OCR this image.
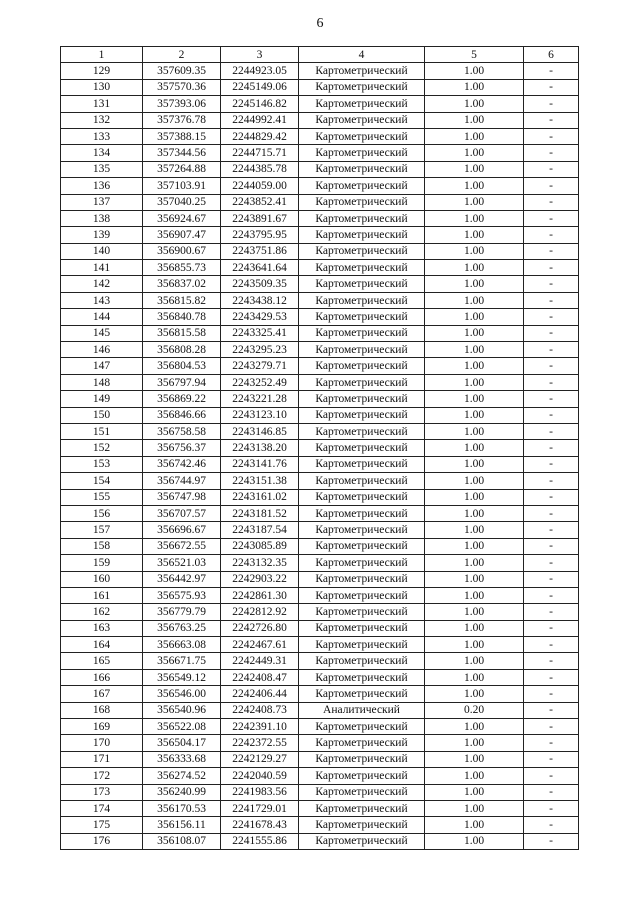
6
1	2	3	4	5	6
129	357609.35	2244923.05	Картометрический	1.00	-
130	357570.36	2245149.06	Картометрический	1.00	-
131	357393.06	2245146.82	Картометрический	1.00	-
132	357376.78	2244992.41	Картометрический	1.00	-
133	357388.15	2244829.42	Картометрический	1.00	-
134	357344.56	2244715.71	Картометрический	1.00	-
135	357264.88	2244385.78	Картометрический	1.00	-
136	357103.91	2244059.00	Картометрический	1.00	-
137	357040.25	2243852.41	Картометрический	1.00	-
138	356924.67	2243891.67	Картометрический	1.00	-
139	356907.47	2243795.95	Картометрический	1.00	-
140	356900.67	2243751.86	Картометрический	1.00	-
141	356855.73	2243641.64	Картометрический	1.00	-
142	356837.02	2243509.35	Картометрический	1.00	-
143	356815.82	2243438.12	Картометрический	1.00	-
144	356840.78	2243429.53	Картометрический	1.00	-
145	356815.58	2243325.41	Картометрический	1.00	-
146	356808.28	2243295.23	Картометрический	1.00	-
147	356804.53	2243279.71	Картометрический	1.00	-
148	356797.94	2243252.49	Картометрический	1.00	-
149	356869.22	2243221.28	Картометрический	1.00	-
150	356846.66	2243123.10	Картометрический	1.00	-
151	356758.58	2243146.85	Картометрический	1.00	-
152	356756.37	2243138.20	Картометрический	1.00	-
153	356742.46	2243141.76	Картометрический	1.00	-
154	356744.97	2243151.38	Картометрический	1.00	-
155	356747.98	2243161.02	Картометрический	1.00	-
156	356707.57	2243181.52	Картометрический	1.00	-
157	356696.67	2243187.54	Картометрический	1.00	-
158	356672.55	2243085.89	Картометрический	1.00	-
159	356521.03	2243132.35	Картометрический	1.00	-
160	356442.97	2242903.22	Картометрический	1.00	-
161	356575.93	2242861.30	Картометрический	1.00	-
162	356779.79	2242812.92	Картометрический	1.00	-
163	356763.25	2242726.80	Картометрический	1.00	-
164	356663.08	2242467.61	Картометрический	1.00	-
165	356671.75	2242449.31	Картометрический	1.00	-
166	356549.12	2242408.47	Картометрический	1.00	-
167	356546.00	2242406.44	Картометрический	1.00	-
168	356540.96	2242408.73	Аналитический	0.20	-
169	356522.08	2242391.10	Картометрический	1.00	-
170	356504.17	2242372.55	Картометрический	1.00	-
171	356333.68	2242129.27	Картометрический	1.00	-
172	356274.52	2242040.59	Картометрический	1.00	-
173	356240.99	2241983.56	Картометрический	1.00	-
174	356170.53	2241729.01	Картометрический	1.00	-
175	356156.11	2241678.43	Картометрический	1.00	-
176	356108.07	2241555.86	Картометрический	1.00	-
